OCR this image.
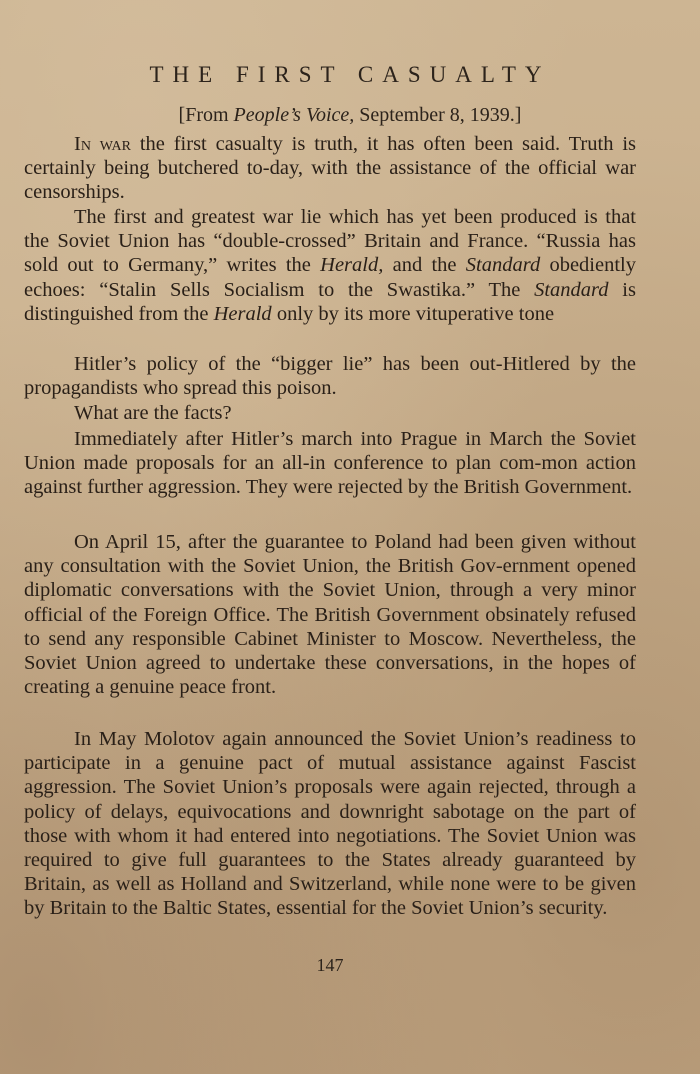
THE FIRST CASUALTY
[From People’s Voice, September 8, 1939.]

In war the first casualty is truth, it has often been said. Truth is certainly being butchered to-day, with the assistance of the official war censorships.

The first and greatest war lie which has yet been produced is that the Soviet Union has “double-crossed” Britain and France. “Russia has sold out to Germany,” writes the Herald, and the Standard obediently echoes: “Stalin Sells Socialism to the Swastika.” The Standard is distinguished from the Herald only by its more vituperative tone

Hitler’s policy of the “bigger lie” has been out-Hitlered by the propagandists who spread this poison.

What are the facts?

Immediately after Hitler’s march into Prague in March the Soviet Union made proposals for an all-in conference to plan com-mon action against further aggression. They were rejected by the British Government.

On April 15, after the guarantee to Poland had been given without any consultation with the Soviet Union, the British Gov-ernment opened diplomatic conversations with the Soviet Union, through a very minor official of the Foreign Office. The British Government obsinately refused to send any responsible Cabinet Minister to Moscow. Nevertheless, the Soviet Union agreed to undertake these conversations, in the hopes of creating a genuine peace front.

In May Molotov again announced the Soviet Union’s readiness to participate in a genuine pact of mutual assistance against Fascist aggression. The Soviet Union’s proposals were again rejected, through a policy of delays, equivocations and downright sabotage on the part of those with whom it had entered into negotiations. The Soviet Union was required to give full guarantees to the States already guaranteed by Britain, as well as Holland and Switzerland, while none were to be given by Britain to the Baltic States, essential for the Soviet Union’s security.

147
